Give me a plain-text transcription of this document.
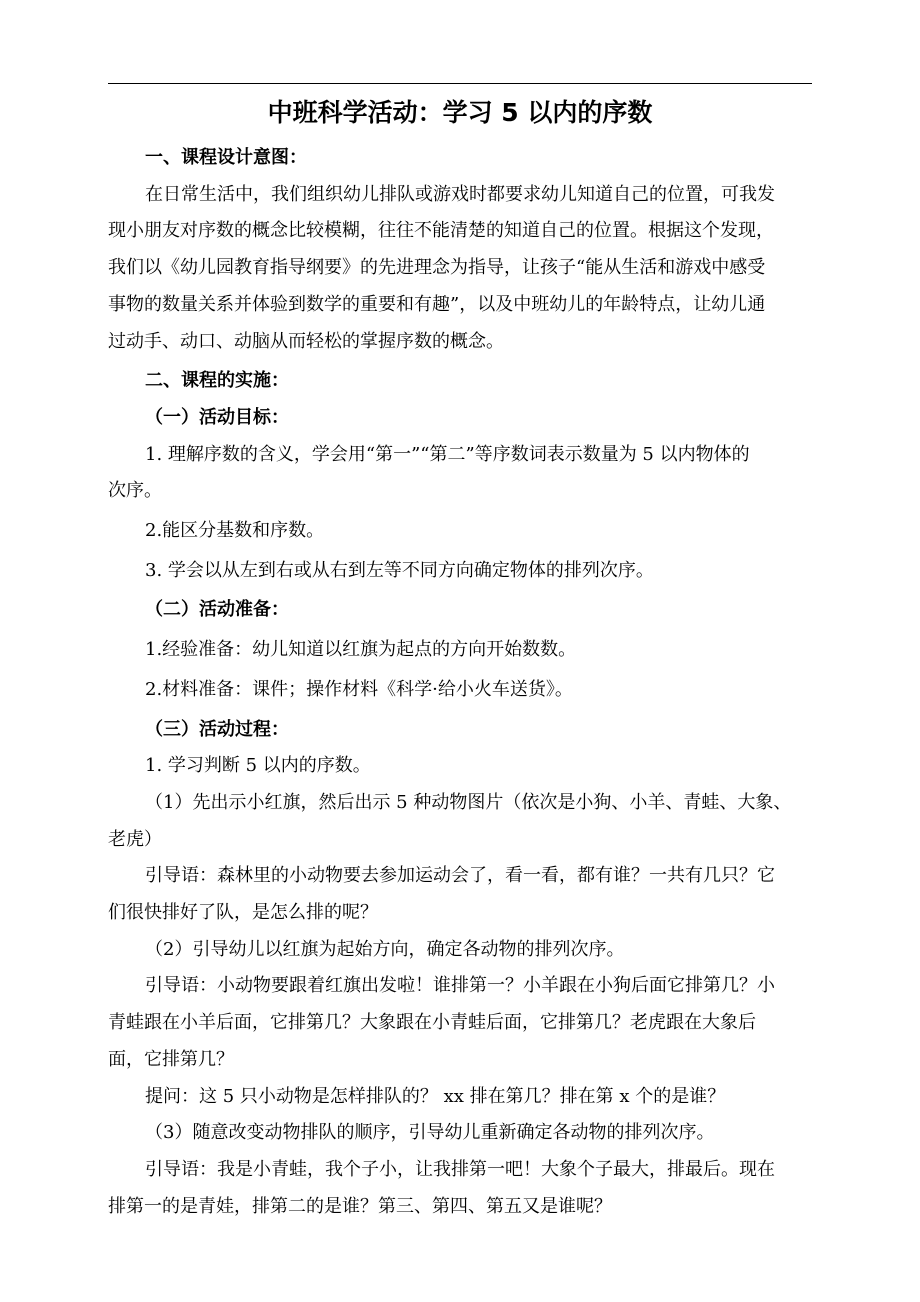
中班科学活动：学习 5 以内的序数

一、课程设计意图：

在日常生活中，我们组织幼儿排队或游戏时都要求幼儿知道自己的位置，可我发

现小朋友对序数的概念比较模糊，往往不能清楚的知道自己的位置。根据这个发现，

我们以《幼儿园教育指导纲要》的先进理念为指导，让孩子“能从生活和游戏中感受

事物的数量关系并体验到数学的重要和有趣”，以及中班幼儿的年龄特点，让幼儿通

过动手、动口、动脑从而轻松的掌握序数的概念。

二、课程的实施：

（一）活动目标：

1. 理解序数的含义，学会用“第一”“第二”等序数词表示数量为 5 以内物体的

次序。

2.能区分基数和序数。

3. 学会以从左到右或从右到左等不同方向确定物体的排列次序。

（二）活动准备：

1.经验准备：幼儿知道以红旗为起点的方向开始数数。

2.材料准备：课件；操作材料《科学·给小火车送货》。

（三）活动过程：

1. 学习判断 5 以内的序数。

（1）先出示小红旗，然后出示 5 种动物图片（依次是小狗、小羊、青蛙、大象、

老虎）

引导语：森林里的小动物要去参加运动会了，看一看，都有谁？一共有几只？它

们很快排好了队，是怎么排的呢？

（2）引导幼儿以红旗为起始方向，确定各动物的排列次序。

引导语：小动物要跟着红旗出发啦！谁排第一？小羊跟在小狗后面它排第几？小

青蛙跟在小羊后面，它排第几？大象跟在小青蛙后面，它排第几？老虎跟在大象后

面，它排第几？

提问：这 5 只小动物是怎样排队的？ xx 排在第几？排在第 x 个的是谁？

（3）随意改变动物排队的顺序，引导幼儿重新确定各动物的排列次序。

引导语：我是小青蛙，我个子小，让我排第一吧！大象个子最大，排最后。现在

排第一的是青娃，排第二的是谁？第三、第四、第五又是谁呢？
